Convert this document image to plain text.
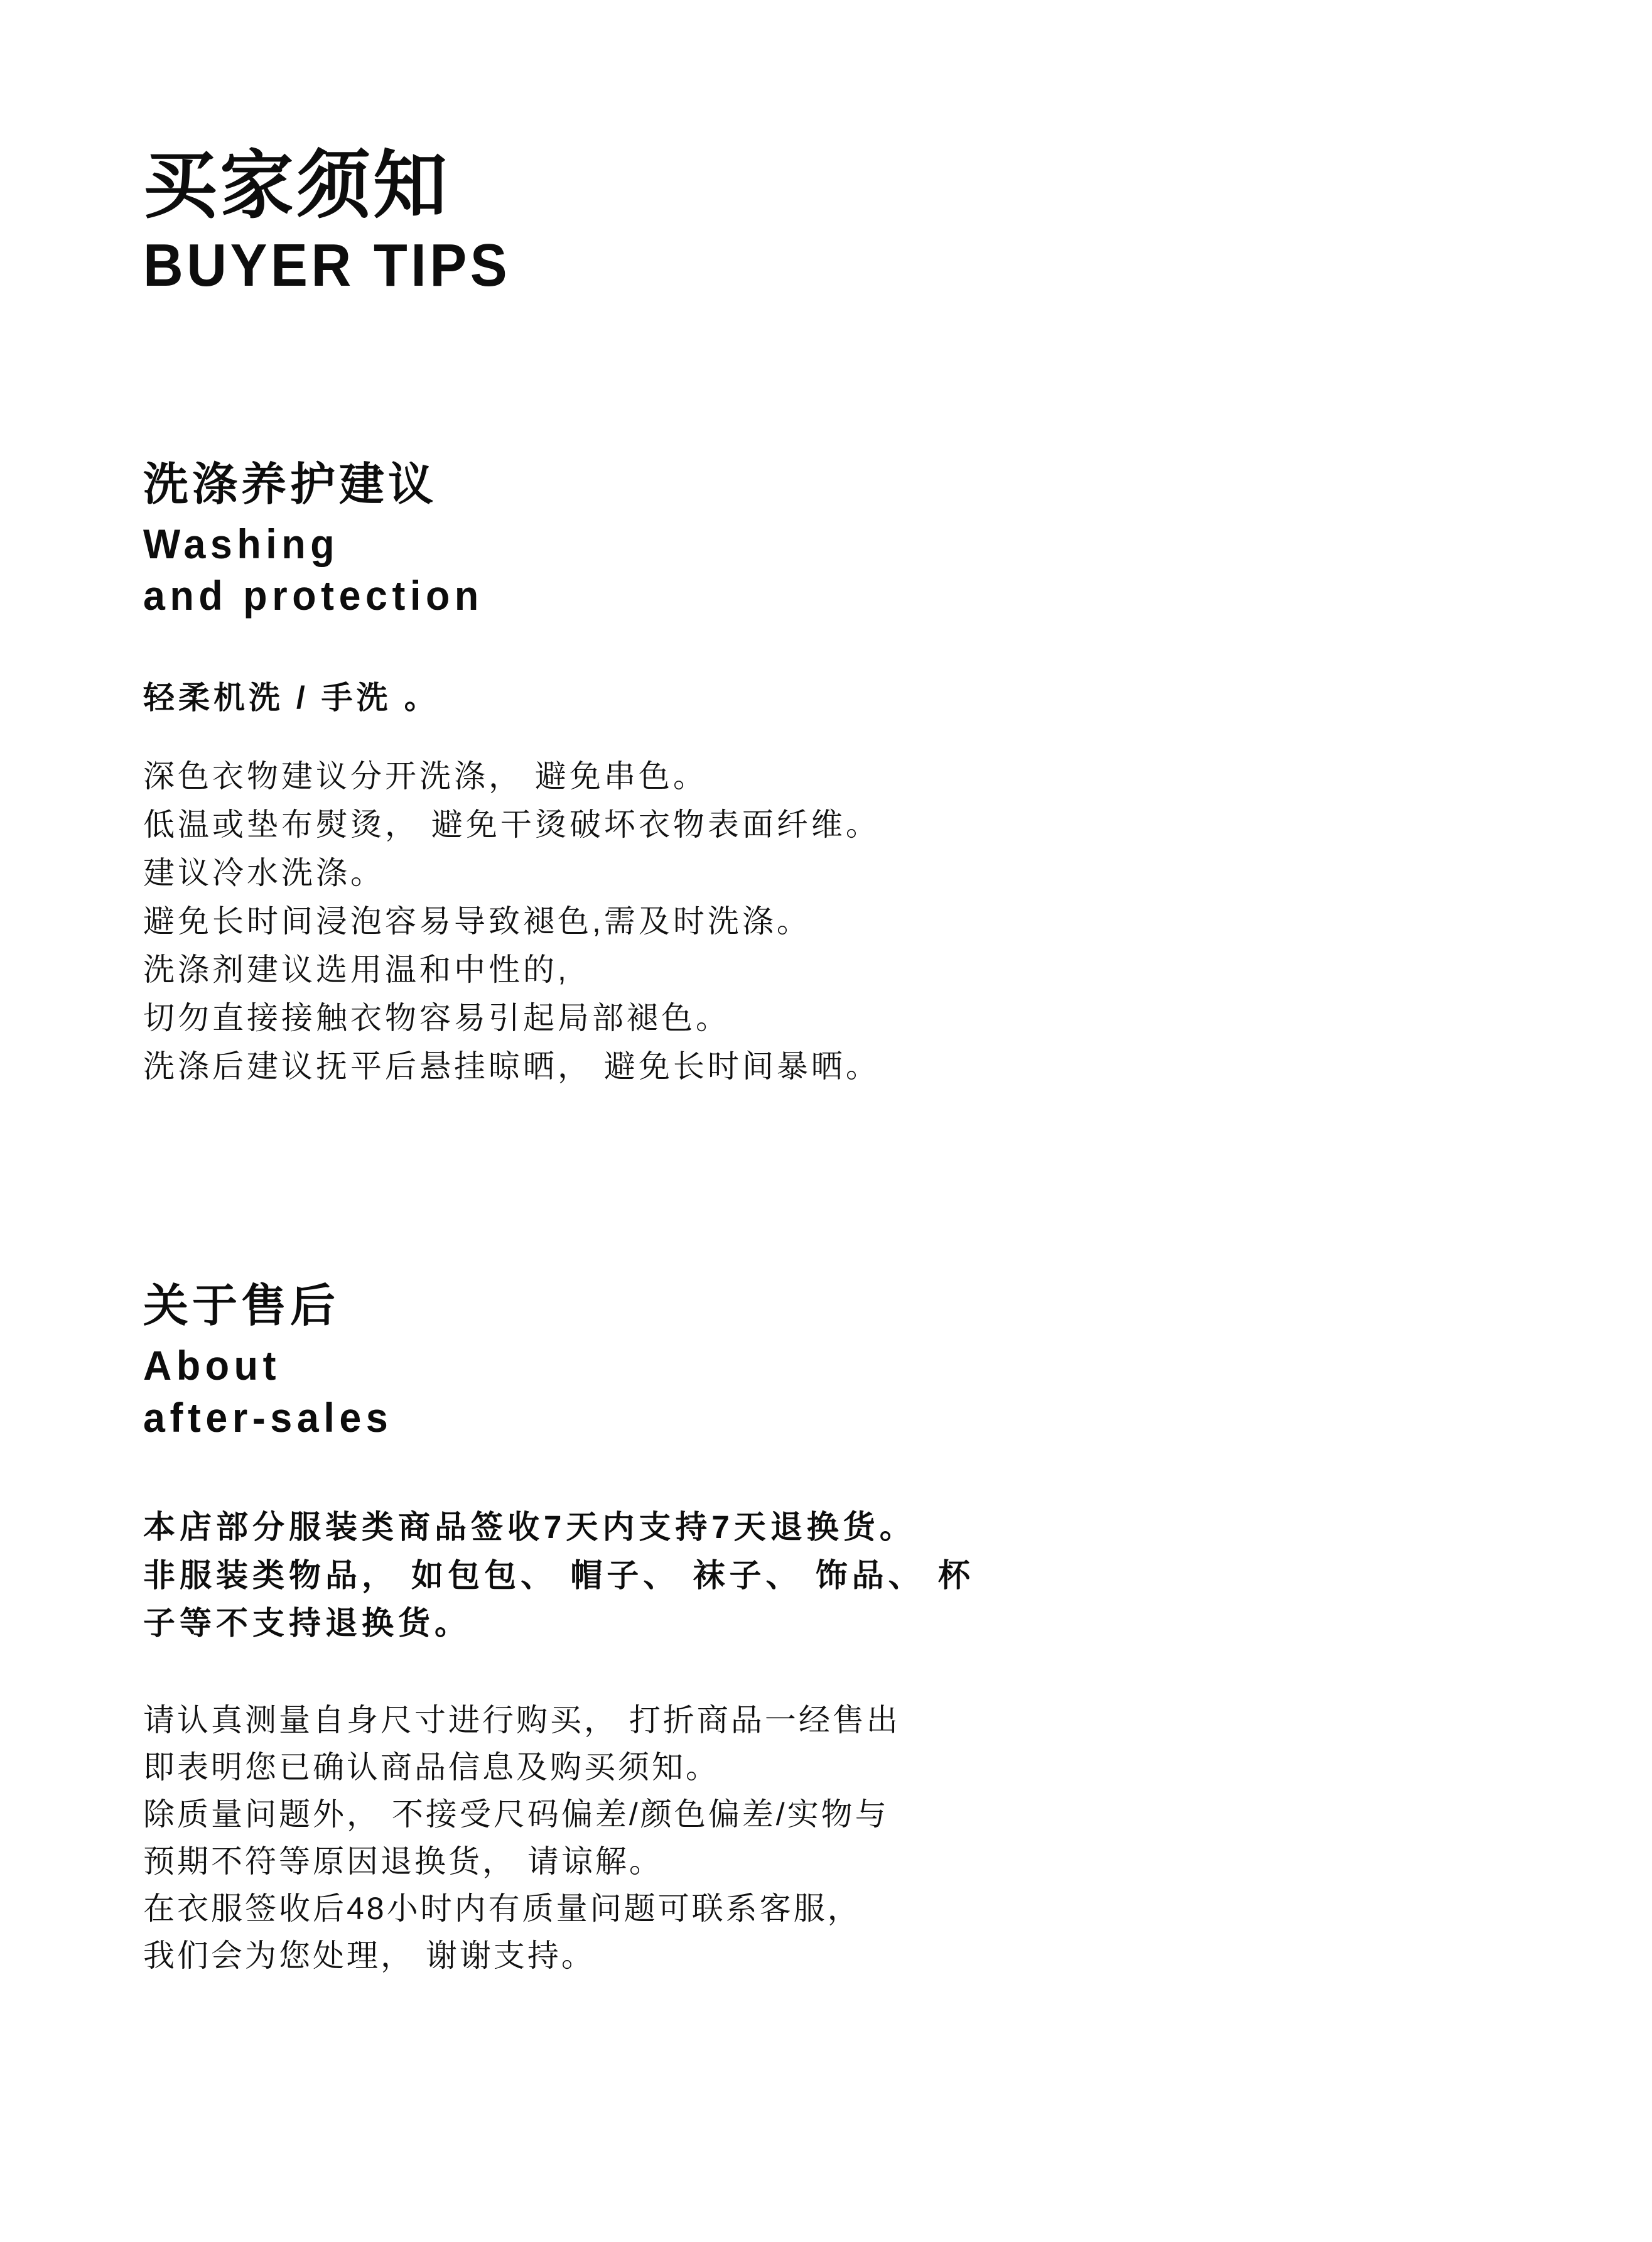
买家须知
BUYER TIPS
洗涤养护建议
Washing
and protection

轻柔机洗 / 手洗 。

深色衣物建议分开洗涤， 避免串色。
低温或垫布熨烫， 避免干烫破坏衣物表面纤维。
建议冷水洗涤。
避免长时间浸泡容易导致褪色,需及时洗涤。
洗涤剂建议选用温和中性的,
切勿直接接触衣物容易引起局部褪色。
洗涤后建议抚平后悬挂晾晒， 避免长时间暴晒。
关于售后
About
after-sales
本店部分服装类商品签收7天内支持7天退换货。
非服装类物品， 如包包、 帽子、 袜子、 饰品、 杯
子等不支持退换货。
请认真测量自身尺寸进行购买， 打折商品一经售出
即表明您已确认商品信息及购买须知。
除质量问题外， 不接受尺码偏差/颜色偏差/实物与
预期不符等原因退换货， 请谅解。
在衣服签收后48小时内有质量问题可联系客服，
我们会为您处理， 谢谢支持。
